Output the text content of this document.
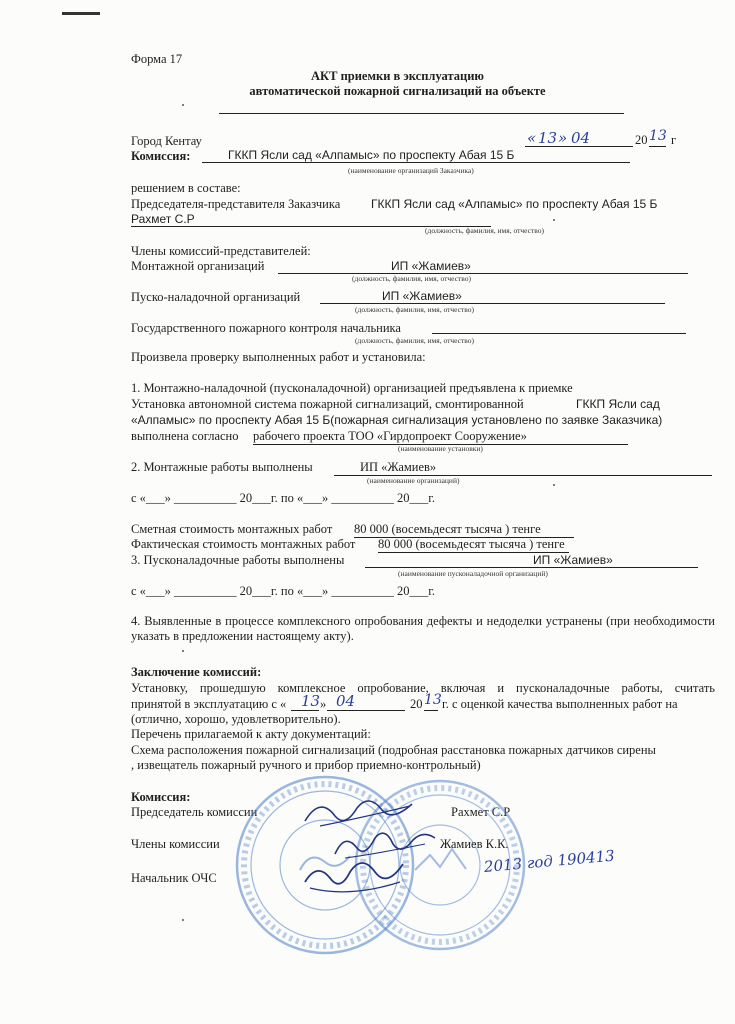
Форма 17
АКТ приемки в эксплуатацию
автоматической пожарной сигнализаций на объекте
Город Кентау	« 13 » 04	20 13 г
Комиссия:	ГККП Ясли сад «Алпамыс» по проспекту Абая 15 Б
(наименование организаций Заказчика)
решением в составе:
Председателя-представителя Заказчика	ГККП Ясли сад «Алпамыс» по проспекту Абая 15 Б
Рахмет С.Р
(должность, фамилия, имя, отчество)
Члены комиссий-представителей:
Монтажной организаций	ИП «Жамиев»
(должность, фамилия, имя, отчество)
Пуско-наладочной организаций	ИП «Жамиев»
(должность, фамилия, имя, отчество)
Государственного пожарного контроля начальника
(должность, фамилия, имя, отчество)
Произвела проверку выполненных работ и установила:
1. Монтажно-наладочной (пусконаладочной) организацией предъявлена к приемке
Установка автономной система пожарной сигнализаций, смонтированной	ГККП Ясли сад
«Алпамыс» по проспекту Абая 15 Б(пожарная сигнализация установлено по заявке Заказчика)
выполнена согласно рабочего проекта ТОО «Гирдопроект Сооружение»
(наименование установки)
2. Монтажные работы выполнены	ИП «Жамиев»
(наименование организаций)
с «___» __________ 20___г. по «___» __________ 20___г.
Сметная стоимость монтажных работ 80 000 (восемьдесят тысяча ) тенге
Фактическая стоимость монтажных работ 80 000 (восемьдесят тысяча ) тенге
3. Пусконаладочные работы выполнены	ИП «Жамиев»
(наименование пусконаладочной организаций)
с «___» __________ 20___г. по «___» __________ 20___г.
4. Выявленные в процессе комплексного опробования дефекты и недоделки устранены (при необходимости указать в предложении настоящему акту).
Заключение комиссий:
Установку, прошедшую комплексное опробование, включая и пусконаладочные работы, считать
принятой в эксплуатацию с « 13 » 04	20 13 г. с оценкой качества выполненных работ на
(отлично, хорошо, удовлетворительно).
Перечень прилагаемой к акту документаций:
Схема расположения пожарной сигнализаций (подробная расстановка пожарных датчиков сирены
, извещатель пожарный ручного и прибор приемно-контрольный)
Комиссия:
Председатель комиссии	Рахмет С.Р
Члены комиссии	Жамиев К.К.
Начальник ОЧС
2013 год 190413
